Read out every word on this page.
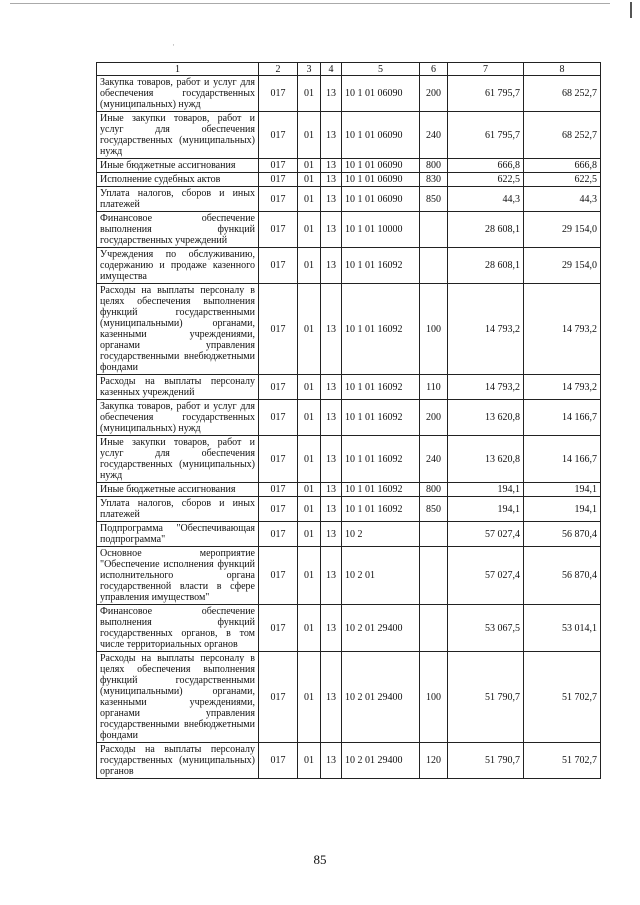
·
1	2	3	4	5	6	7	8
Закупка товаров, работ и услуг для обеспечения государственных (муниципальных) нужд	017	01	13	10 1 01 06090	200	61 795,7	68 252,7
Иные закупки товаров, работ и услуг для обеспечения государственных (муниципальных) нужд	017	01	13	10 1 01 06090	240	61 795,7	68 252,7
Иные бюджетные ассигнования	017	01	13	10 1 01 06090	800	666,8	666,8
Исполнение судебных актов	017	01	13	10 1 01 06090	830	622,5	622,5
Уплата налогов, сборов и иных платежей	017	01	13	10 1 01 06090	850	44,3	44,3
Финансовое обеспечение выполнения функций государственных учреждений	017	01	13	10 1 01 10000		28 608,1	29 154,0
Учреждения по обслуживанию, содержанию и продаже казенного имущества	017	01	13	10 1 01 16092		28 608,1	29 154,0
Расходы на выплаты персоналу в целях обеспечения выполнения функций государственными (муниципальными) органами, казенными учреждениями, органами управления государственными внебюджетными фондами	017	01	13	10 1 01 16092	100	14 793,2	14 793,2
Расходы на выплаты персоналу казенных учреждений	017	01	13	10 1 01 16092	110	14 793,2	14 793,2
Закупка товаров, работ и услуг для обеспечения государственных (муниципальных) нужд	017	01	13	10 1 01 16092	200	13 620,8	14 166,7
Иные закупки товаров, работ и услуг для обеспечения государственных (муниципальных) нужд	017	01	13	10 1 01 16092	240	13 620,8	14 166,7
Иные бюджетные ассигнования	017	01	13	10 1 01 16092	800	194,1	194,1
Уплата налогов, сборов и иных платежей	017	01	13	10 1 01 16092	850	194,1	194,1
Подпрограмма "Обеспечивающая подпрограмма"	017	01	13	10 2		57 027,4	56 870,4
Основное мероприятие "Обеспечение исполнения функций исполнительного органа государственной власти в сфере управления имуществом"	017	01	13	10 2 01		57 027,4	56 870,4
Финансовое обеспечение выполнения функций государственных органов, в том числе территориальных органов	017	01	13	10 2 01 29400		53 067,5	53 014,1
Расходы на выплаты персоналу в целях обеспечения выполнения функций государственными (муниципальными) органами, казенными учреждениями, органами управления государственными внебюджетными фондами	017	01	13	10 2 01 29400	100	51 790,7	51 702,7
Расходы на выплаты персоналу государственных (муниципальных) органов	017	01	13	10 2 01 29400	120	51 790,7	51 702,7
85
